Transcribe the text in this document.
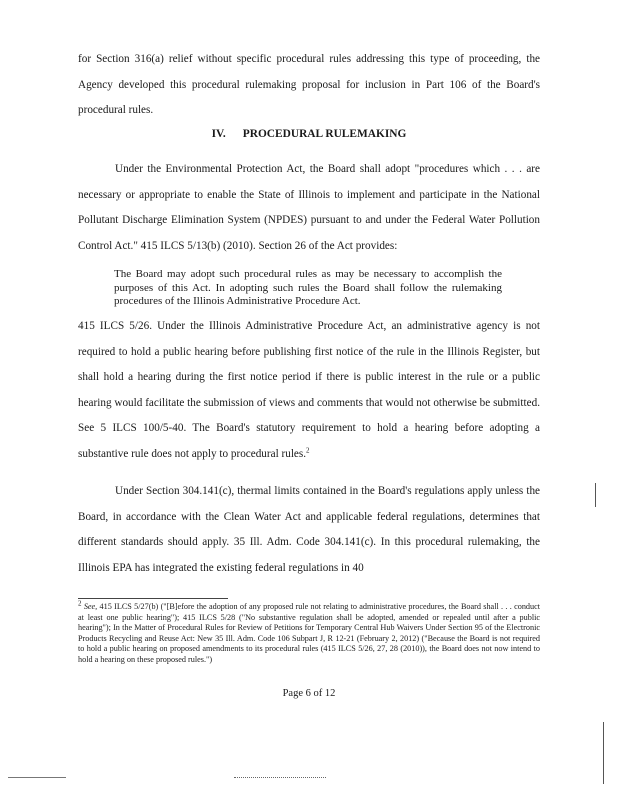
for Section 316(a) relief without specific procedural rules addressing this type of proceeding, the Agency developed this procedural rulemaking proposal for inclusion in Part 106 of the Board's procedural rules.

IV. PROCEDURAL RULEMAKING

Under the Environmental Protection Act, the Board shall adopt "procedures which . . . are necessary or appropriate to enable the State of Illinois to implement and participate in the National Pollutant Discharge Elimination System (NPDES) pursuant to and under the Federal Water Pollution Control Act." 415 ILCS 5/13(b) (2010). Section 26 of the Act provides:

The Board may adopt such procedural rules as may be necessary to accomplish the purposes of this Act. In adopting such rules the Board shall follow the rulemaking procedures of the Illinois Administrative Procedure Act.

415 ILCS 5/26. Under the Illinois Administrative Procedure Act, an administrative agency is not required to hold a public hearing before publishing first notice of the rule in the Illinois Register, but shall hold a hearing during the first notice period if there is public interest in the rule or a public hearing would facilitate the submission of views and comments that would not otherwise be submitted. See 5 ILCS 100/5-40. The Board's statutory requirement to hold a hearing before adopting a substantive rule does not apply to procedural rules.$^2$

Under Section 304.141(c), thermal limits contained in the Board's regulations apply unless the Board, in accordance with the Clean Water Act and applicable federal regulations, determines that different standards should apply. 35 Ill. Adm. Code 304.141(c). In this procedural rulemaking, the Illinois EPA has integrated the existing federal regulations in 40

$^2$ See, 415 ILCS 5/27(b) ("[B]efore the adoption of any proposed rule not relating to administrative procedures, the Board shall . . . conduct at least one public hearing"); 415 ILCS 5/28 ("No substantive regulation shall be adopted, amended or repealed until after a public hearing"); In the Matter of Procedural Rules for Review of Petitions for Temporary Central Hub Waivers Under Section 95 of the Electronic Products Recycling and Reuse Act: New 35 Ill. Adm. Code 106 Subpart J, R 12-21 (February 2, 2012) ("Because the Board is not required to hold a public hearing on proposed amendments to its procedural rules (415 ILCS 5/26, 27, 28 (2010)), the Board does not now intend to hold a hearing on these proposed rules.")

Page 6 of 12
